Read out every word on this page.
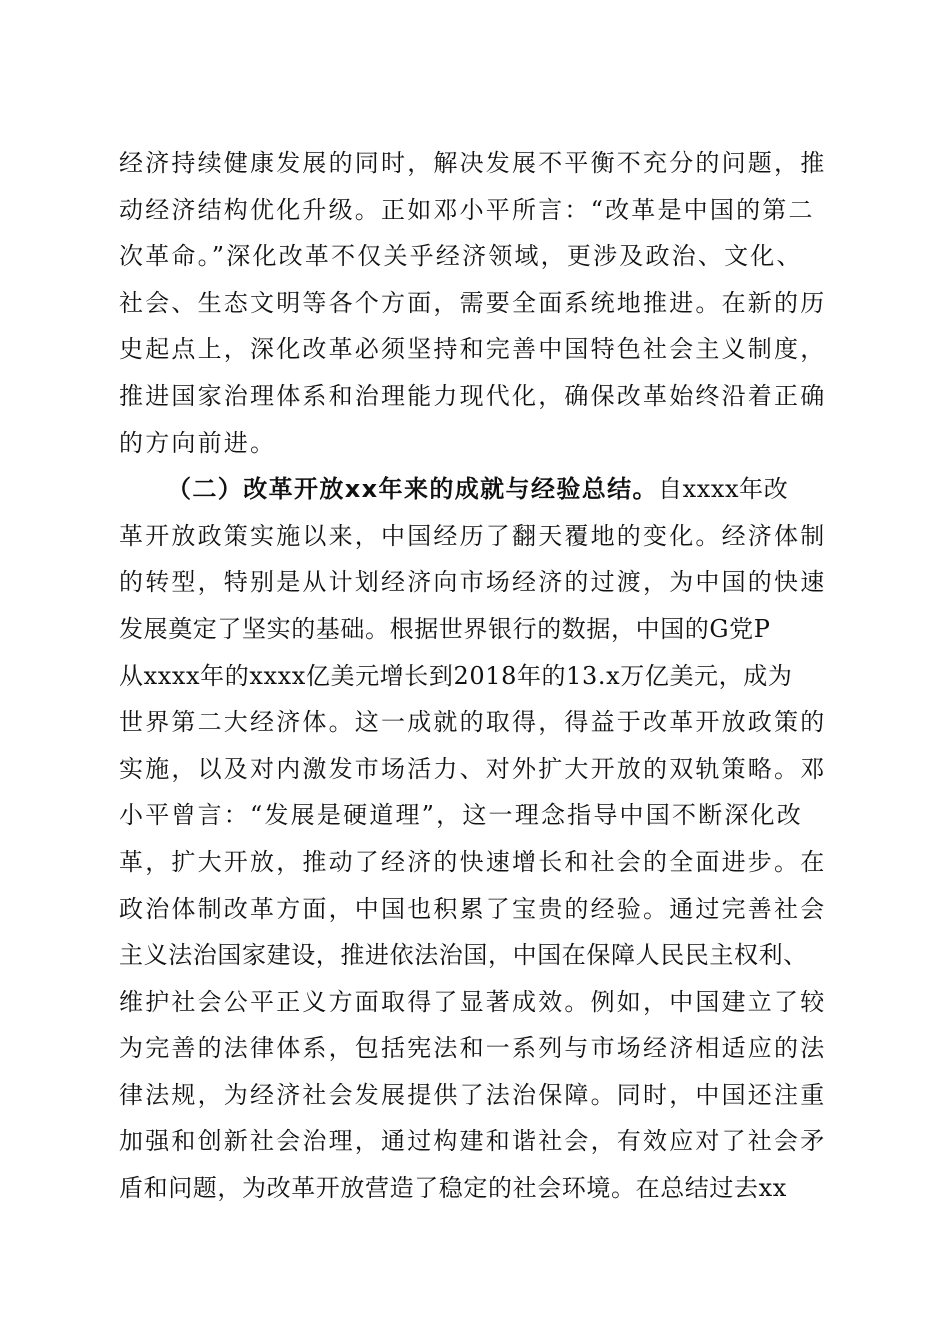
经济持续健康发展的同时，解决发展不平衡不充分的问题，推
动经济结构优化升级。正如邓小平所言：“改革是中国的第二
次革命。”深化改革不仅关乎经济领域，更涉及政治、文化、
社会、生态文明等各个方面，需要全面系统地推进。在新的历
史起点上，深化改革必须坚持和完善中国特色社会主义制度，
推进国家治理体系和治理能力现代化，确保改革始终沿着正确
的方向前进。
（二）改革开放xx年来的成就与经验总结。自xxxx年改
革开放政策实施以来，中国经历了翻天覆地的变化。经济体制
的转型，特别是从计划经济向市场经济的过渡，为中国的快速
发展奠定了坚实的基础。根据世界银行的数据，中国的G党P
从xxxx年的xxxx亿美元增长到2018年的13.x万亿美元，成为
世界第二大经济体。这一成就的取得，得益于改革开放政策的
实施，以及对内激发市场活力、对外扩大开放的双轨策略。邓
小平曾言：“发展是硬道理”，这一理念指导中国不断深化改
革，扩大开放，推动了经济的快速增长和社会的全面进步。在
政治体制改革方面，中国也积累了宝贵的经验。通过完善社会
主义法治国家建设，推进依法治国，中国在保障人民民主权利、
维护社会公平正义方面取得了显著成效。例如，中国建立了较
为完善的法律体系，包括宪法和一系列与市场经济相适应的法
律法规，为经济社会发展提供了法治保障。同时，中国还注重
加强和创新社会治理，通过构建和谐社会，有效应对了社会矛
盾和问题，为改革开放营造了稳定的社会环境。在总结过去xx
